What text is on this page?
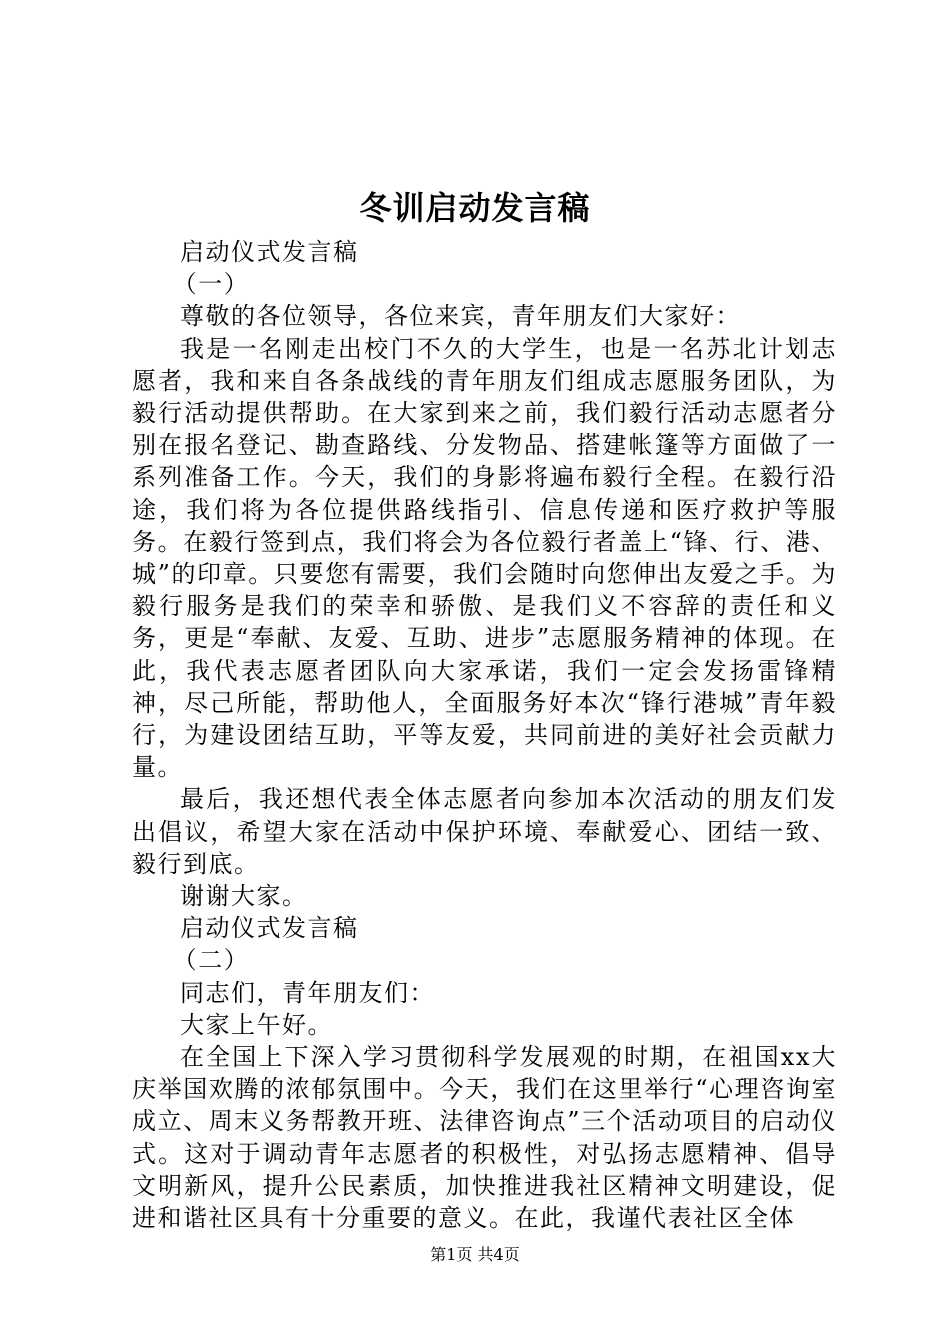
冬训启动发言稿

启动仪式发言稿

（一）

尊敬的各位领导，各位来宾，青年朋友们大家好：

我是一名刚走出校门不久的大学生，也是一名苏北计划志愿者，我和来自各条战线的青年朋友们组成志愿服务团队，为毅行活动提供帮助。在大家到来之前，我们毅行活动志愿者分别在报名登记、勘查路线、分发物品、搭建帐篷等方面做了一系列准备工作。今天，我们的身影将遍布毅行全程。在毅行沿途，我们将为各位提供路线指引、信息传递和医疗救护等服务。在毅行签到点，我们将会为各位毅行者盖上“锋、行、港、城”的印章。只要您有需要，我们会随时向您伸出友爱之手。为毅行服务是我们的荣幸和骄傲、是我们义不容辞的责任和义务，更是“奉献、友爱、互助、进步”志愿服务精神的体现。在此，我代表志愿者团队向大家承诺，我们一定会发扬雷锋精神，尽己所能，帮助他人，全面服务好本次“锋行港城”青年毅行，为建设团结互助，平等友爱，共同前进的美好社会贡献力量。

最后，我还想代表全体志愿者向参加本次活动的朋友们发出倡议，希望大家在活动中保护环境、奉献爱心、团结一致、毅行到底。

谢谢大家。

启动仪式发言稿

（二）

同志们，青年朋友们：

大家上午好。

在全国上下深入学习贯彻科学发展观的时期，在祖国xx大庆举国欢腾的浓郁氛围中。今天，我们在这里举行“心理咨询室成立、周末义务帮教开班、法律咨询点”三个活动项目的启动仪式。这对于调动青年志愿者的积极性，对弘扬志愿精神、倡导文明新风，提升公民素质，加快推进我社区精神文明建设，促进和谐社区具有十分重要的意义。在此，我谨代表社区全体

第1页 共4页
